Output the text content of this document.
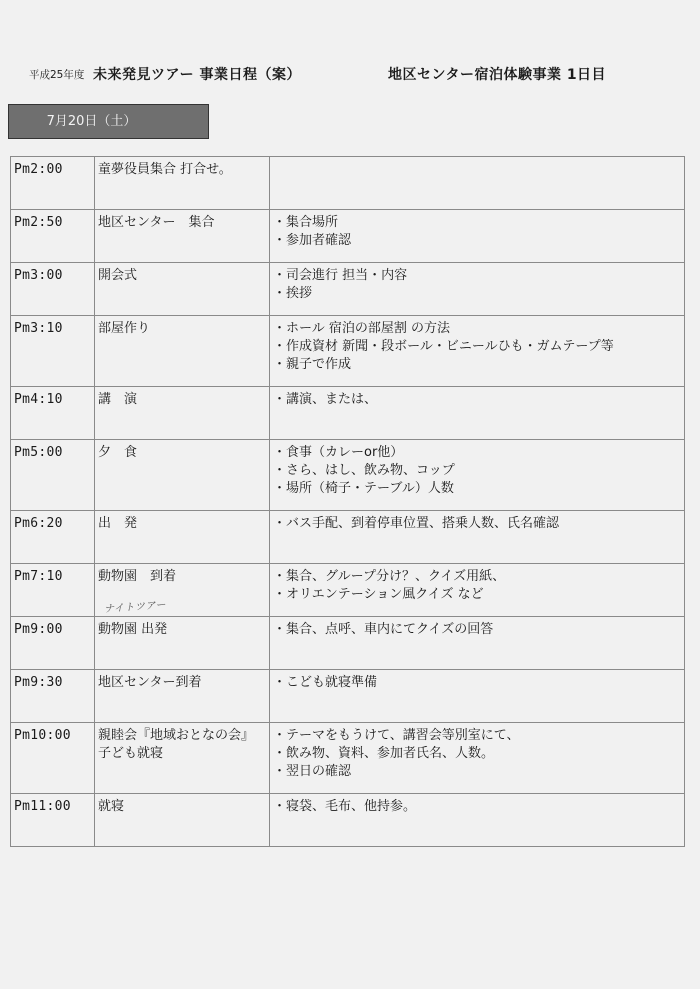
平成25年度 未来発見ツアー 事業日程（案）	地区センター宿泊体験事業 1日目
7月20日（土）
Pm2:00	童夢役員集合 打合せ。	

Pm2:50	地区センター　集合	・集合場所
・参加者確認

Pm3:00	開会式	・司会進行 担当・内容
・挨拶

Pm3:10	部屋作り	・ホール 宿泊の部屋割 の方法
・作成資材 新聞・段ボール・ビニールひも・ガムテープ等
・親子で作成

Pm4:10	講　演	・講演、または、

Pm5:00	夕　食	・食事（カレーor他）
・さら、はし、飲み物、コップ
・場所（椅子・テーブル）人数

Pm6:20	出　発	・バス手配、到着停車位置、搭乗人数、氏名確認

Pm7:10	動物園　到着	・集合、グループ分け？、クイズ用紙、
・オリエンテーション風クイズ など

Pm9:00	動物園 出発	・集合、点呼、車内にてクイズの回答

Pm9:30	地区センター到着	・こども就寝準備

Pm10:00	親睦会『地域おとなの会』
子ども就寝	・テーマをもうけて、講習会等別室にて、
・飲み物、資料、参加者氏名、人数。
・翌日の確認

Pm11:00	就寝	・寝袋、毛布、他持参。
ナイトツアー
